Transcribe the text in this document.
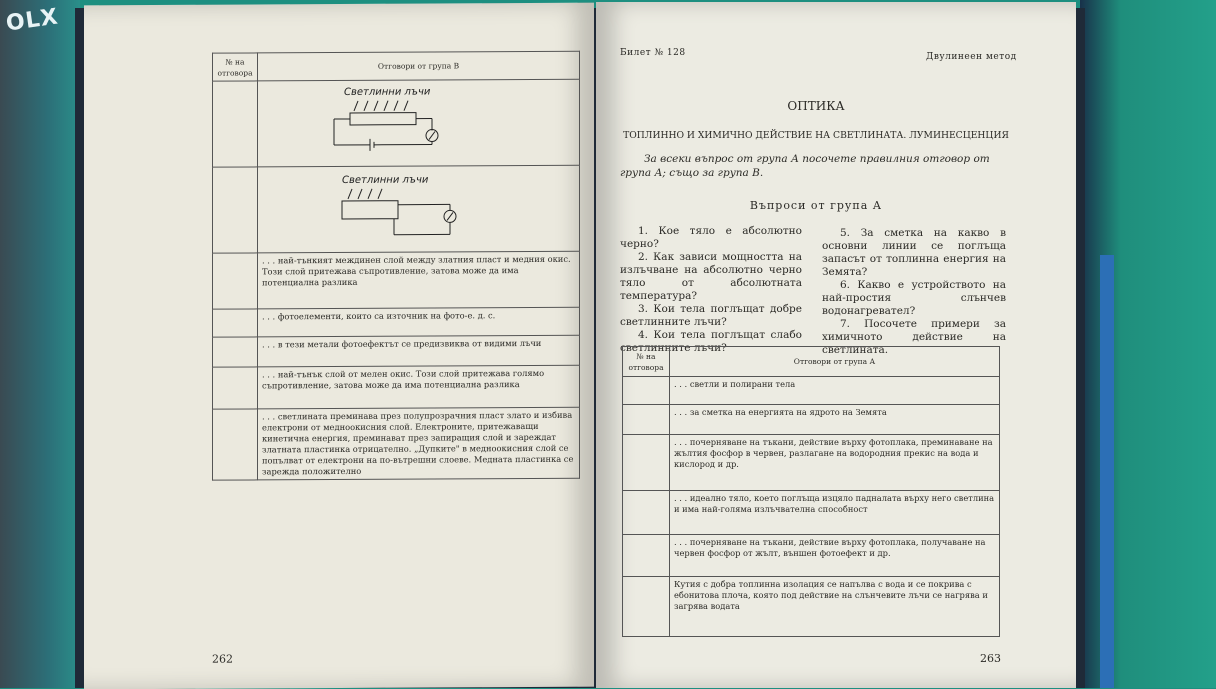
OLX
№ на отговора	Отговори от група В

Светлинни лъчи

Светлинни лъчи

	. . . най-тънкият междинен слой между златния пласт и медния окис. Този слой притежава съпротивление, затова може да има потенциална разлика
	. . . фотоелементи, които са източник на фото-е. д. с.
	. . . в тези метали фотоефектът се предизвиква от видими лъчи
	. . . най-тънък слой от мелен окис. Този слой притежава голямо съпротивление, затова може да има потенциална разлика
	. . . светлината преминава през полупрозрачния пласт злато и избива електрони от медноокисния слой. Електроните, притежаващи кинетична енергия, преминават през запиращия слой и зареждат златната пластинка отрицателно. „Дупките" в медноокисния слой се попълват от електрони на по-вътрешни слоеве. Медната пластинка се зарежда положително
262
Билет № 128	Двулинеен метод
ОПТИКА
ТОПЛИННО И ХИМИЧНО ДЕЙСТВИЕ НА СВЕТЛИНАТА. ЛУМИНЕСЦЕНЦИЯ
За всеки въпрос от група А посочете правилния отговор от група А; също за група В.
Въпроси от група А

1. Кое тяло е абсолютно черно?

2. Как зависи мощността на излъчване на абсолютно черно тяло от абсолютната температура?

3. Кои тела поглъщат добре светлинните лъчи?

4. Кои тела поглъщат слабо светлинните лъчи?

5. За сметка на какво в основни линии се поглъща запасът от топлинна енергия на Земята?

6. Какво е устройството на най-простия слънчев водонагревател?

7. Посочете примери за химичното действие на светлината.

№ на отговора	Отговори от група А
	. . . светли и полирани тела
	. . . за сметка на енергията на ядрото на Земята
	. . . почерняване на тъкани, действие върху фотоплака, преминаване на жълтия фосфор в червен, разлагане на водородния прекис на вода и кислород и др.
	. . . идеално тяло, което поглъща изцяло падналата върху него светлина и има най-голяма излъчвателна способност
	. . . почерняване на тъкани, действие върху фотоплака, получаване на червен фосфор от жълт, външен фотоефект и др.
	Кутия с добра топлинна изолация се напълва с вода и се покрива с ебонитова плоча, която под действие на слънчевите лъчи се нагрява и загрява водата
263
